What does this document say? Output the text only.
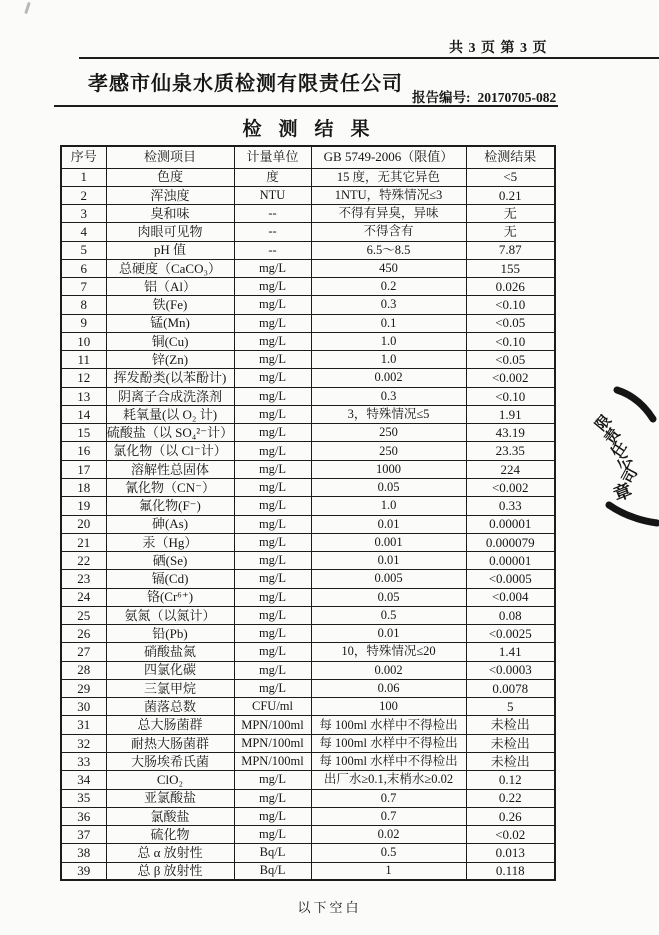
共 3 页 第 3 页
孝感市仙泉水质检测有限责任公司
报告编号: 20170705-082
检测结果
序号	检测项目	计量单位	GB 5749-2006（限值）	检测结果
1	色度	度	15 度，无其它异色	<5
2	浑浊度	NTU	1NTU，特殊情况≤3	0.21
3	臭和味	--	不得有异臭，异味	无
4	肉眼可见物	--	不得含有	无
5	pH 值	--	6.5～8.5	7.87
6	总硬度（CaCO₃）	mg/L	450	155
7	铝（Al）	mg/L	0.2	0.026
8	铁(Fe)	mg/L	0.3	<0.10
9	锰(Mn)	mg/L	0.1	<0.05
10	铜(Cu)	mg/L	1.0	<0.10
11	锌(Zn)	mg/L	1.0	<0.05
12	挥发酚类(以苯酚计)	mg/L	0.002	<0.002
13	阴离子合成洗涤剂	mg/L	0.3	<0.10
14	耗氧量(以 O₂ 计)	mg/L	3，特殊情况≤5	1.91
15	硫酸盐（以 SO₄²⁻计）	mg/L	250	43.19
16	氯化物（以 Cl⁻计）	mg/L	250	23.35
17	溶解性总固体	mg/L	1000	224
18	氰化物（CN⁻）	mg/L	0.05	<0.002
19	氟化物(F⁻)	mg/L	1.0	0.33
20	砷(As)	mg/L	0.01	0.00001
21	汞（Hg）	mg/L	0.001	0.000079
22	硒(Se)	mg/L	0.01	0.00001
23	镉(Cd)	mg/L	0.005	<0.0005
24	铬(Cr⁶⁺)	mg/L	0.05	<0.004
25	氨氮（以氮计）	mg/L	0.5	0.08
26	铅(Pb)	mg/L	0.01	<0.0025
27	硝酸盐氮	mg/L	10，特殊情况≤20	1.41
28	四氯化碳	mg/L	0.002	<0.0003
29	三氯甲烷	mg/L	0.06	0.0078
30	菌落总数	CFU/ml	100	5
31	总大肠菌群	MPN/100ml	每 100ml 水样中不得检出	未检出
32	耐热大肠菌群	MPN/100ml	每 100ml 水样中不得检出	未检出
33	大肠埃希氏菌	MPN/100ml	每 100ml 水样中不得检出	未检出
34	ClO₂	mg/L	出厂水≥0.1,末梢水≥0.02	0.12
35	亚氯酸盐	mg/L	0.7	0.22
36	氯酸盐	mg/L	0.7	0.26
37	硫化物	mg/L	0.02	<0.02
38	总 α 放射性	Bq/L	0.5	0.013
39	总 β 放射性	Bq/L	1	0.118
限
责
任
公
司
章
以下空白
